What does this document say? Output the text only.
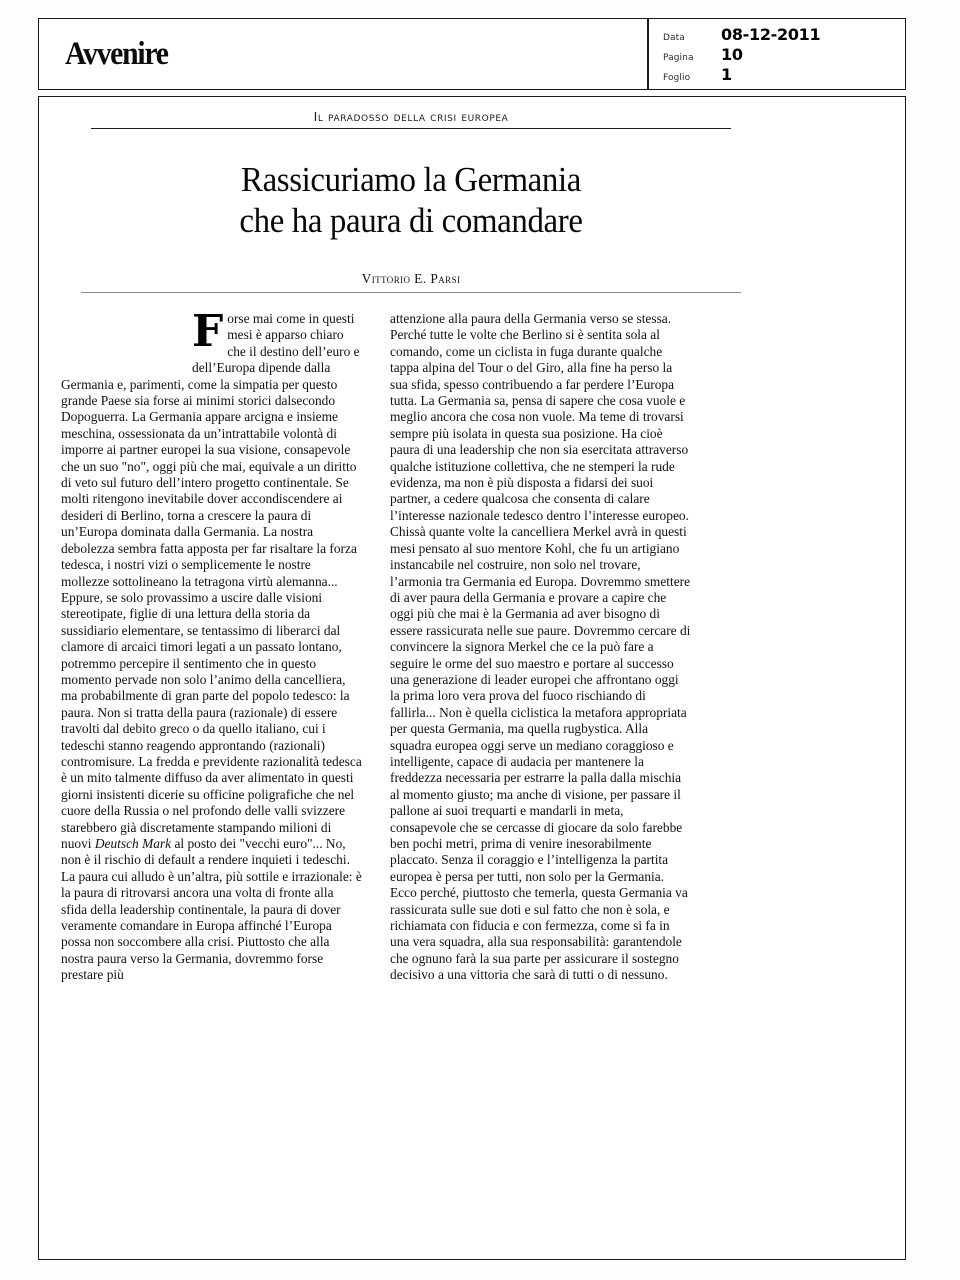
Avvenire	Data	08-12-2011
Pagina	10
Foglio	1
Il paradosso della crisi europea
Rassicuriamo la Germania
che ha paura di comandare
Vittorio E. Parsi

Forse mai come in questi mesi è apparso chiaro che il destino dell’euro e dell’Europa dipende dalla Germania e, parimenti, come la simpatia per questo grande Paese sia forse ai minimi storici dalsecondo Dopoguerra. La Germania appare arcigna e insieme meschina, ossessionata da un’intrattabile volontà di imporre ai partner europei la sua visione, consapevole che un suo "no", oggi più che mai, equivale a un diritto di veto sul futuro dell’intero progetto continentale. Se molti ritengono inevitabile dover accondiscendere ai desideri di Berlino, torna a crescere la paura di un’Europa dominata dalla Germania. La nostra debolezza sembra fatta apposta per far risaltare la forza tedesca, i nostri vizi o semplicemente le nostre mollezze sottolineano la tetragona virtù alemanna... Eppure, se solo provassimo a uscire dalle visioni stereotipate, figlie di una lettura della storia da sussidiario elementare, se tentassimo di liberarci dal clamore di arcaici timori legati a un passato lontano, potremmo percepire il sentimento che in questo momento pervade non solo l’animo della cancelliera, ma probabilmente di gran parte del popolo tedesco: la paura. Non si tratta della paura (razionale) di essere travolti dal debito greco o da quello italiano, cui i tedeschi stanno reagendo approntando (razionali) contromisure. La fredda e previdente razionalità tedesca è un mito talmente diffuso da aver alimentato in questi giorni insistenti dicerie su officine poligrafiche che nel cuore della Russia o nel profondo delle valli svizzere starebbero già discretamente stampando milioni di nuovi Deutsch Mark al posto dei "vecchi euro"... No, non è il rischio di default a rendere inquieti i tedeschi. La paura cui alludo è un’altra, più sottile e irrazionale: è la paura di ritrovarsi ancora una volta di fronte alla sfida della leadership continentale, la paura di dover veramente comandare in Europa affinché l’Europa possa non soccombere alla crisi. Piuttosto che alla nostra paura verso la Germania, dovremmo forse prestare più

attenzione alla paura della Germania verso se stessa. Perché tutte le volte che Berlino si è sentita sola al comando, come un ciclista in fuga durante qualche tappa alpina del Tour o del Giro, alla fine ha perso la sua sfida, spesso contribuendo a far perdere l’Europa tutta. La Germania sa, pensa di sapere che cosa vuole e meglio ancora che cosa non vuole. Ma teme di trovarsi sempre più isolata in questa sua posizione. Ha cioè paura di una leadership che non sia esercitata attraverso qualche istituzione collettiva, che ne stemperi la rude evidenza, ma non è più disposta a fidarsi dei suoi partner, a cedere qualcosa che consenta di calare l’interesse nazionale tedesco dentro l’interesse europeo. Chissà quante volte la cancelliera Merkel avrà in questi mesi pensato al suo mentore Kohl, che fu un artigiano instancabile nel costruire, non solo nel trovare, l’armonia tra Germania ed Europa. Dovremmo smettere di aver paura della Germania e provare a capire che oggi più che mai è la Germania ad aver bisogno di essere rassicurata nelle sue paure. Dovremmo cercare di convincere la signora Merkel che ce la può fare a seguire le orme del suo maestro e portare al successo una generazione di leader europei che affrontano oggi la prima loro vera prova del fuoco rischiando di fallirla... Non è quella ciclistica la metafora appropriata per questa Germania, ma quella rugbystica. Alla squadra europea oggi serve un mediano coraggioso e intelligente, capace di audacia per mantenere la freddezza necessaria per estrarre la palla dalla mischia al momento giusto; ma anche di visione, per passare il pallone ai suoi trequarti e mandarli in meta, consapevole che se cercasse di giocare da solo farebbe ben pochi metri, prima di venire inesorabilmente placcato. Senza il coraggio e l’intelligenza la partita europea è persa per tutti, non solo per la Germania. Ecco perché, piuttosto che temerla, questa Germania va rassicurata sulle sue doti e sul fatto che non è sola, e richiamata con fiducia e con fermezza, come si fa in una vera squadra, alla sua responsabilità: garantendole che ognuno farà la sua parte per assicurare il sostegno decisivo a una vittoria che sarà di tutti o di nessuno.
